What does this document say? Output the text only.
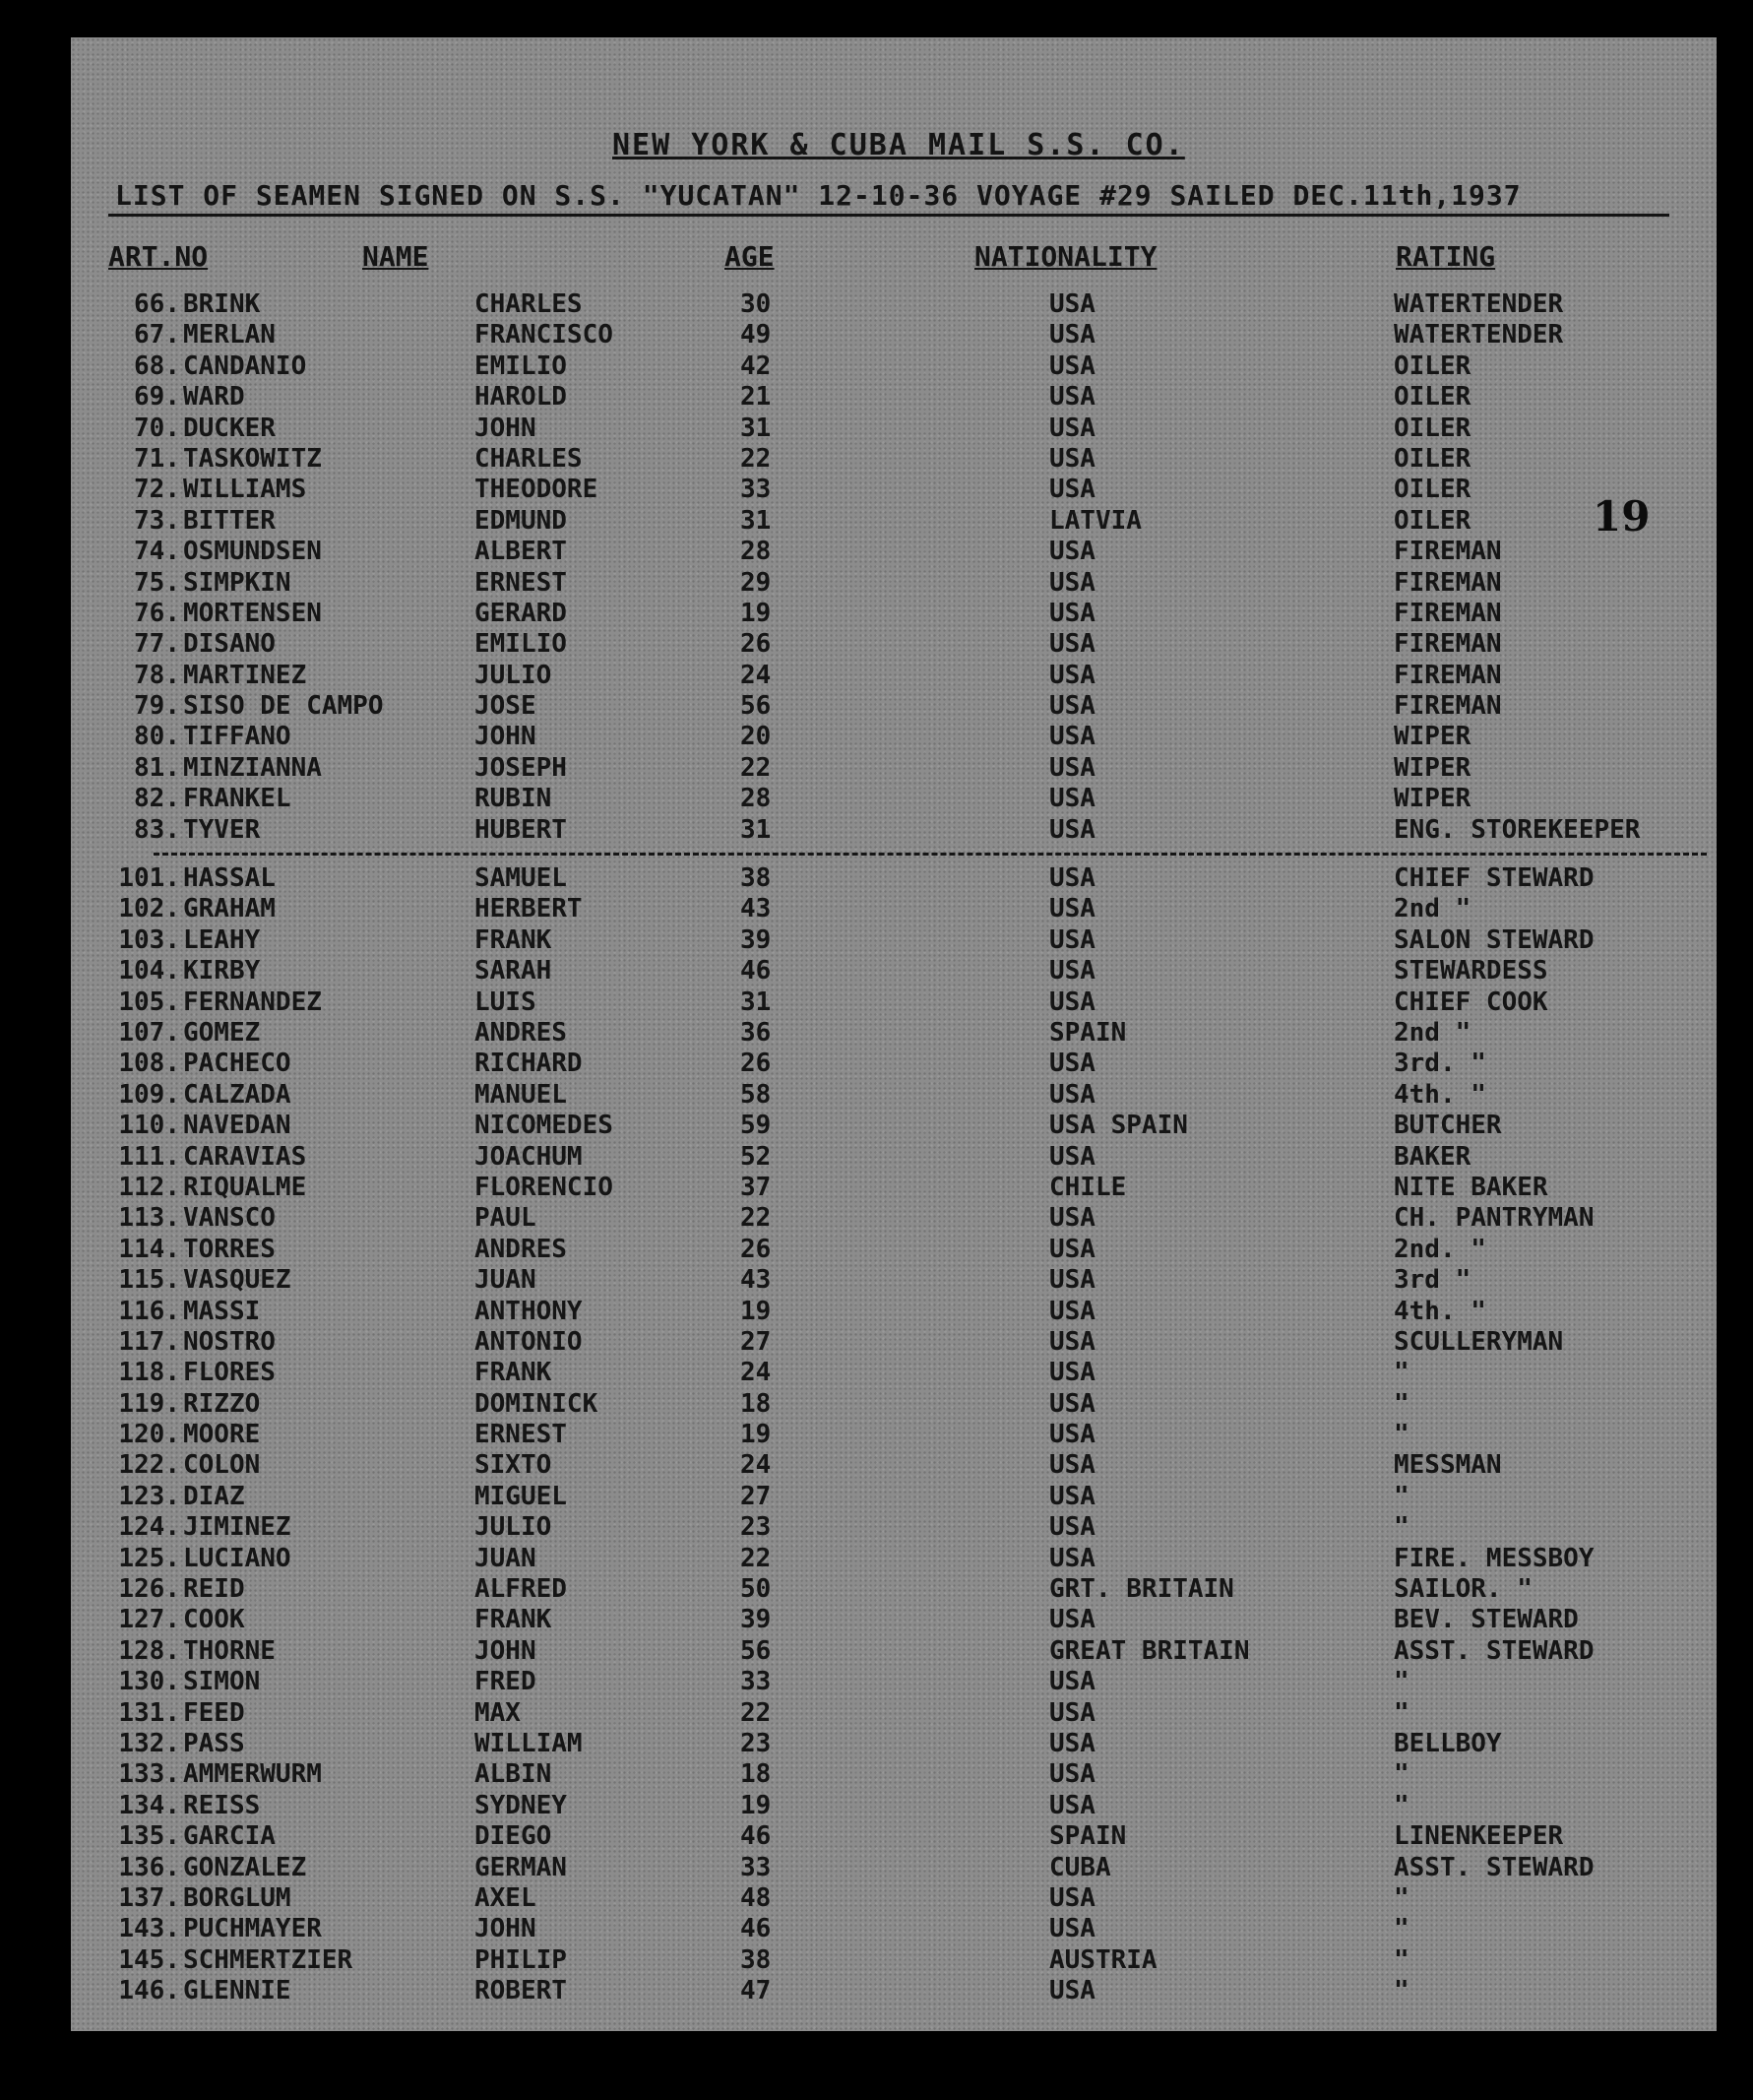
NEW YORK & CUBA MAIL S.S. CO.
LIST OF SEAMEN SIGNED ON S.S. "YUCATAN" 12-10-36 VOYAGE #29 SAILED DEC.11th,1937
ART.NO	NAME	AGE	NATIONALITY	RATING
19
66. BRINK	CHARLES	30	USA	WATERTENDER
67. MERLAN	FRANCISCO	49	USA	WATERTENDER
68. CANDANIO	EMILIO	42	USA	OILER
69. WARD	HAROLD	21	USA	OILER
70. DUCKER	JOHN	31	USA	OILER
71. TASKOWITZ	CHARLES	22	USA	OILER
72. WILLIAMS	THEODORE	33	USA	OILER
73. BITTER	EDMUND	31	LATVIA	OILER
74. OSMUNDSEN	ALBERT	28	USA	FIREMAN
75. SIMPKIN	ERNEST	29	USA	FIREMAN
76. MORTENSEN	GERARD	19	USA	FIREMAN
77. DISANO	EMILIO	26	USA	FIREMAN
78. MARTINEZ	JULIO	24	USA	FIREMAN
79. SISO DE CAMPO	JOSE	56	USA	FIREMAN
80. TIFFANO	JOHN	20	USA	WIPER
81. MINZIANNA	JOSEPH	22	USA	WIPER
82. FRANKEL	RUBIN	28	USA	WIPER
83. TYVER	HUBERT	31	USA	ENG. STOREKEEPER
101. HASSAL	SAMUEL	38	USA	CHIEF STEWARD
102. GRAHAM	HERBERT	43	USA	2nd "
103. LEAHY	FRANK	39	USA	SALON STEWARD
104. KIRBY	SARAH	46	USA	STEWARDESS
105. FERNANDEZ	LUIS	31	USA	CHIEF COOK
107. GOMEZ	ANDRES	36	SPAIN	2nd "
108. PACHECO	RICHARD	26	USA	3rd. "
109. CALZADA	MANUEL	58	USA	4th. "
110. NAVEDAN	NICOMEDES	59	USA SPAIN	BUTCHER
111. CARAVIAS	JOACHUM	52	USA	BAKER
112. RIQUALME	FLORENCIO	37	CHILE	NITE BAKER
113. VANSCO	PAUL	22	USA	CH. PANTRYMAN
114. TORRES	ANDRES	26	USA	2nd. "
115. VASQUEZ	JUAN	43	USA	3rd "
116. MASSI	ANTHONY	19	USA	4th. "
117. NOSTRO	ANTONIO	27	USA	SCULLERYMAN
118. FLORES	FRANK	24	USA	"
119. RIZZO	DOMINICK	18	USA	"
120. MOORE	ERNEST	19	USA	"
122. COLON	SIXTO	24	USA	MESSMAN
123. DIAZ	MIGUEL	27	USA	"
124. JIMINEZ	JULIO	23	USA	"
125. LUCIANO	JUAN	22	USA	FIRE. MESSBOY
126. REID	ALFRED	50	GRT. BRITAIN	SAILOR. "
127. COOK	FRANK	39	USA	BEV. STEWARD
128. THORNE	JOHN	56	GREAT BRITAIN	ASST. STEWARD
130. SIMON	FRED	33	USA	"
131. FEED	MAX	22	USA	"
132. PASS	WILLIAM	23	USA	BELLBOY
133. AMMERWURM	ALBIN	18	USA	"
134. REISS	SYDNEY	19	USA	"
135. GARCIA	DIEGO	46	SPAIN	LINENKEEPER
136. GONZALEZ	GERMAN	33	CUBA	ASST. STEWARD
137. BORGLUM	AXEL	48	USA	"
143. PUCHMAYER	JOHN	46	USA	"
145. SCHMERTZIER	PHILIP	38	AUSTRIA	"
146. GLENNIE	ROBERT	47	USA	"
